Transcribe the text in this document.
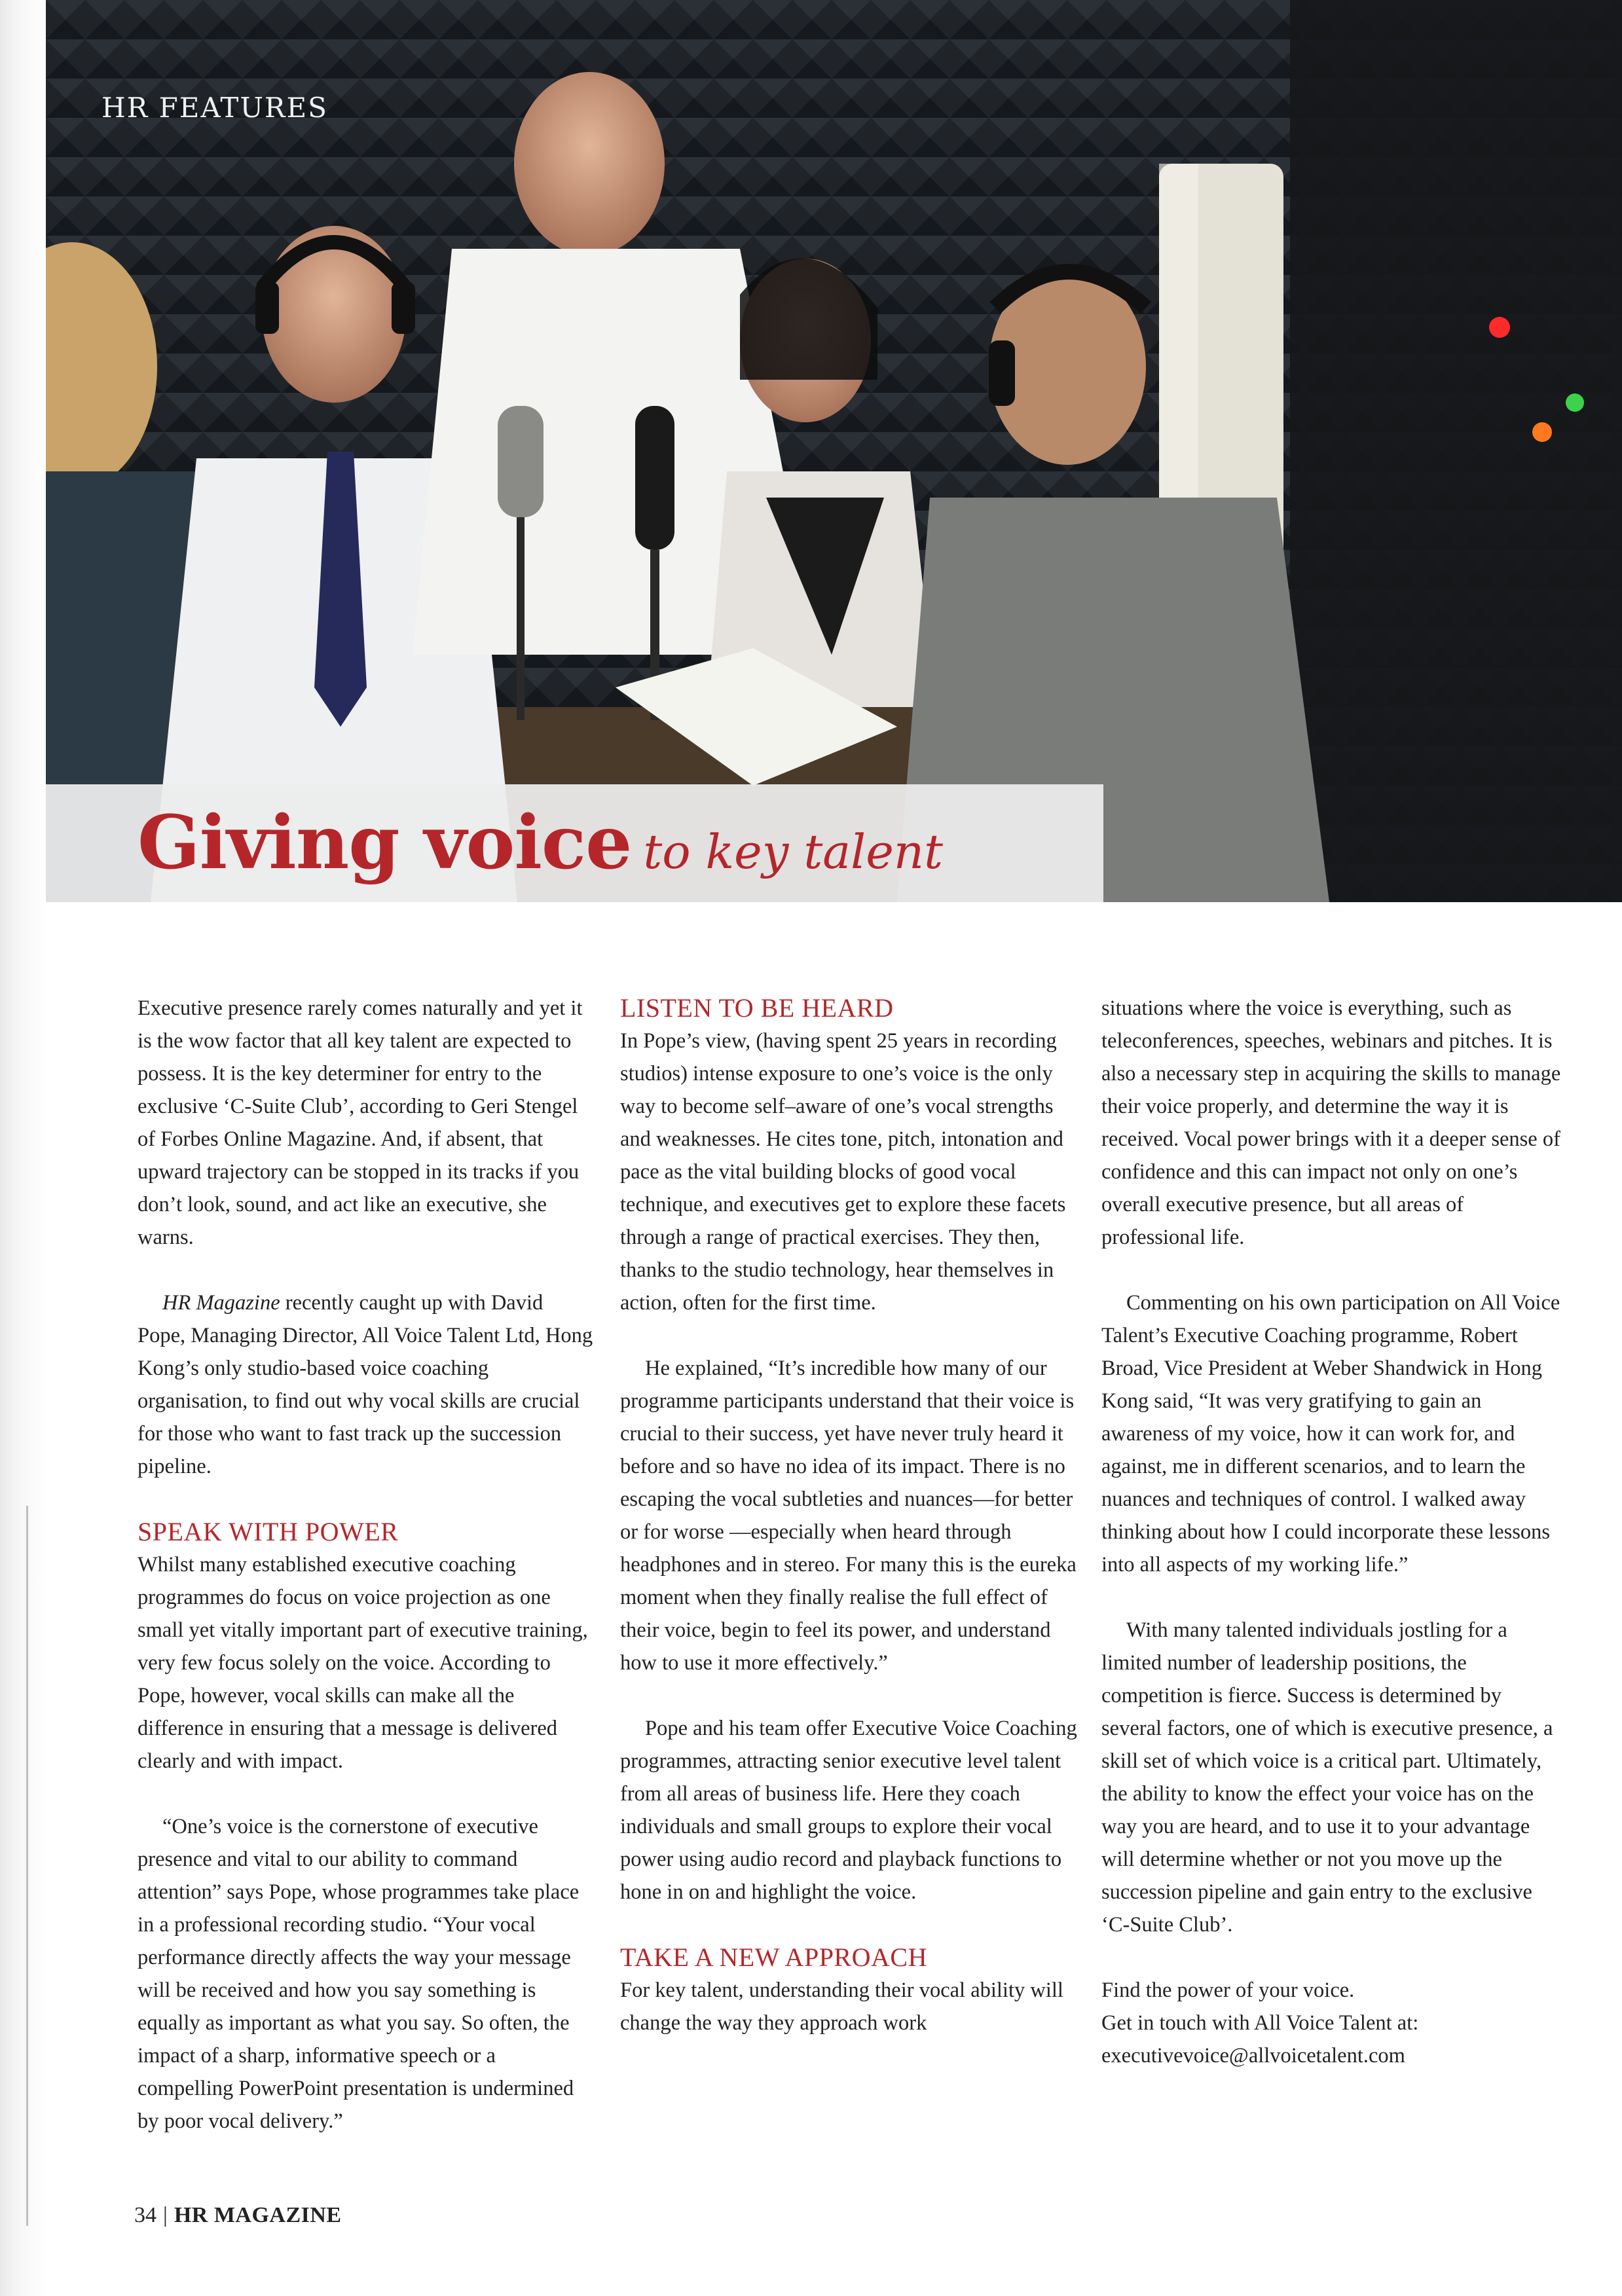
HR FEATURES
Giving voice to key talent

Executive presence rarely comes naturally and yet it is the wow factor that all key talent are expected to possess. It is the key determiner for entry to the exclusive ‘C-Suite Club’, according to Geri Stengel of Forbes Online Magazine. And, if absent, that upward trajectory can be stopped in its tracks if you don’t look, sound, and act like an executive, she warns.

HR Magazine recently caught up with David Pope, Managing Director, All Voice Talent Ltd, Hong Kong’s only studio-based voice coaching organisation, to find out why vocal skills are crucial for those who want to fast track up the succession pipeline.

SPEAK WITH POWER

Whilst many established executive coaching programmes do focus on voice projection as one small yet vitally important part of executive training, very few focus solely on the voice. According to Pope, however, vocal skills can make all the difference in ensuring that a message is delivered clearly and with impact.

“One’s voice is the cornerstone of executive presence and vital to our ability to command attention” says Pope, whose programmes take place in a professional recording studio. “Your vocal performance directly affects the way your message will be received and how you say something is equally as important as what you say. So often, the impact of a sharp, informative speech or a compelling PowerPoint presentation is undermined by poor vocal delivery.”

LISTEN TO BE HEARD

In Pope’s view, (having spent 25 years in recording studios) intense exposure to one’s voice is the only way to become self–aware of one’s vocal strengths and weaknesses. He cites tone, pitch, intonation and pace as the vital building blocks of good vocal technique, and executives get to explore these facets through a range of practical exercises. They then, thanks to the studio technology, hear themselves in action, often for the first time.

He explained, “It’s incredible how many of our programme participants understand that their voice is crucial to their success, yet have never truly heard it before and so have no idea of its impact. There is no escaping the vocal subtleties and nuances—for better or for worse —especially when heard through headphones and in stereo. For many this is the eureka moment when they finally realise the full effect of their voice, begin to feel its power, and understand how to use it more effectively.”

Pope and his team offer Executive Voice Coaching programmes, attracting senior executive level talent from all areas of business life. Here they coach individuals and small groups to explore their vocal power using audio record and playback functions to hone in on and highlight the voice.

TAKE A NEW APPROACH

For key talent, understanding their vocal ability will change the way they approach work

situations where the voice is everything, such as teleconferences, speeches, webinars and pitches. It is also a necessary step in acquiring the skills to manage their voice properly, and determine the way it is received. Vocal power brings with it a deeper sense of confidence and this can impact not only on one’s overall executive presence, but all areas of professional life.

Commenting on his own participation on All Voice Talent’s Executive Coaching programme, Robert Broad, Vice President at Weber Shandwick in Hong Kong said, “It was very gratifying to gain an awareness of my voice, how it can work for, and against, me in different scenarios, and to learn the nuances and techniques of control. I walked away thinking about how I could incorporate these lessons into all aspects of my working life.”

With many talented individuals jostling for a limited number of leadership positions, the competition is fierce. Success is determined by several factors, one of which is executive presence, a skill set of which voice is a critical part. Ultimately, the ability to know the effect your voice has on the way you are heard, and to use it to your advantage will determine whether or not you move up the succession pipeline and gain entry to the exclusive ‘C-Suite Club’.

Find the power of your voice.
Get in touch with All Voice Talent at:
executivevoice@allvoicetalent.com

34 | HR MAGAZINE
